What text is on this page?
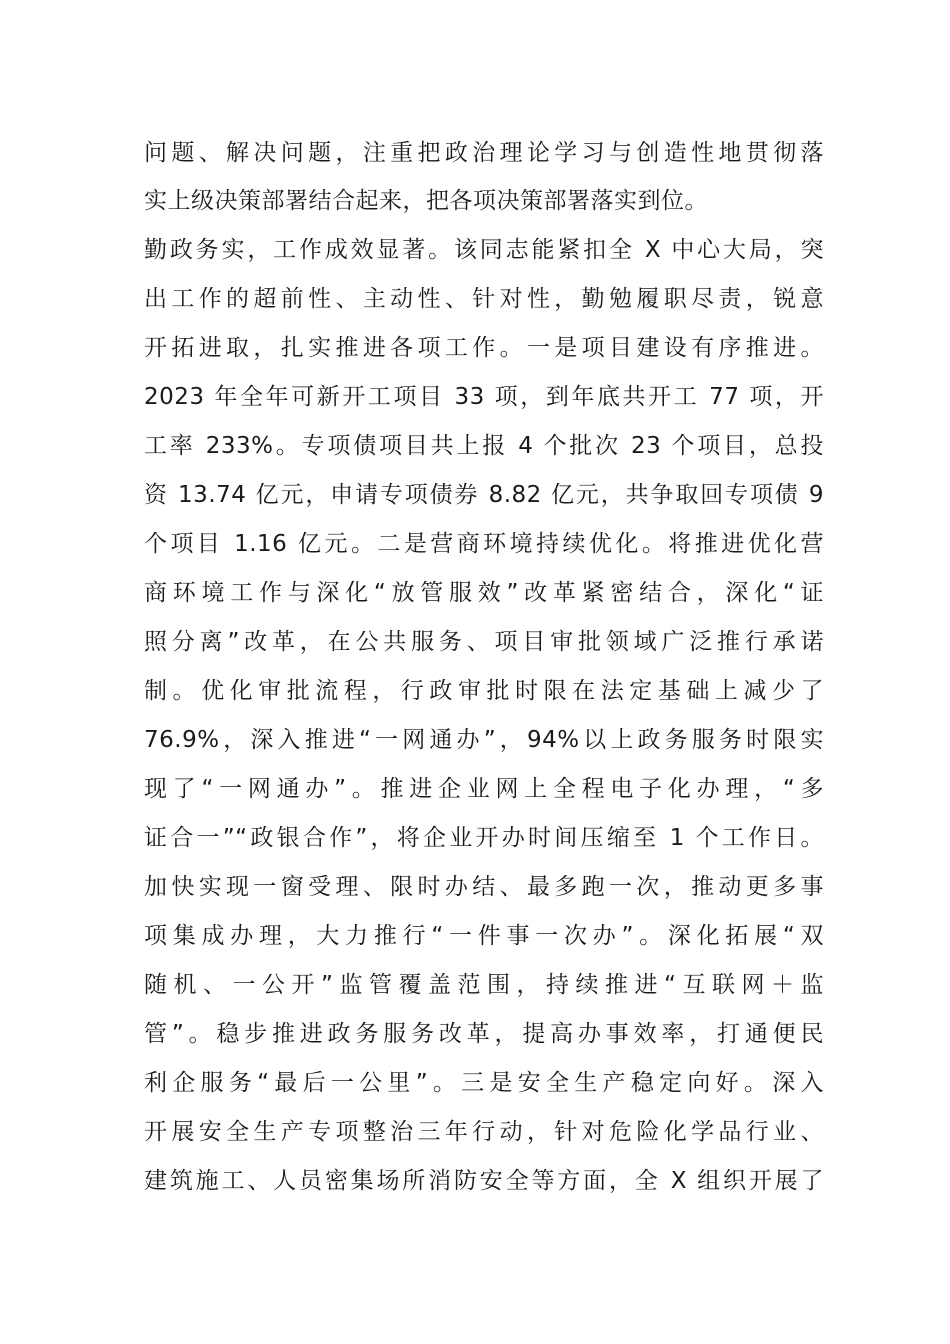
问题、解决问题，注重把政治理论学习与创造性地贯彻落
实上级决策部署结合起来，把各项决策部署落实到位。
勤政务实，工作成效显著。该同志能紧扣全 X 中心大局，突
出工作的超前性、主动性、针对性，勤勉履职尽责，锐意
开拓进取，扎实推进各项工作。一是项目建设有序推进。
2023 年全年可新开工项目 33 项，到年底共开工 77 项，开
工率 233%。专项债项目共上报 4 个批次 23 个项目，总投
资 13.74 亿元，申请专项债券 8.82 亿元，共争取回专项债 9
个项目 1.16 亿元。二是营商环境持续优化。将推进优化营
商环境工作与深化“放管服效”改革紧密结合，深化“证
照分离”改革，在公共服务、项目审批领域广泛推行承诺
制。优化审批流程，行政审批时限在法定基础上减少了
76.9%，深入推进“一网通办”，94%以上政务服务时限实
现了“一网通办”。推进企业网上全程电子化办理，“多
证合一”“政银合作”，将企业开办时间压缩至 1 个工作日。
加快实现一窗受理、限时办结、最多跑一次，推动更多事
项集成办理，大力推行“一件事一次办”。深化拓展“双
随机、一公开”监管覆盖范围，持续推进“互联网＋监
管”。稳步推进政务服务改革，提高办事效率，打通便民
利企服务“最后一公里”。三是安全生产稳定向好。深入
开展安全生产专项整治三年行动，针对危险化学品行业、
建筑施工、人员密集场所消防安全等方面，全 X 组织开展了
